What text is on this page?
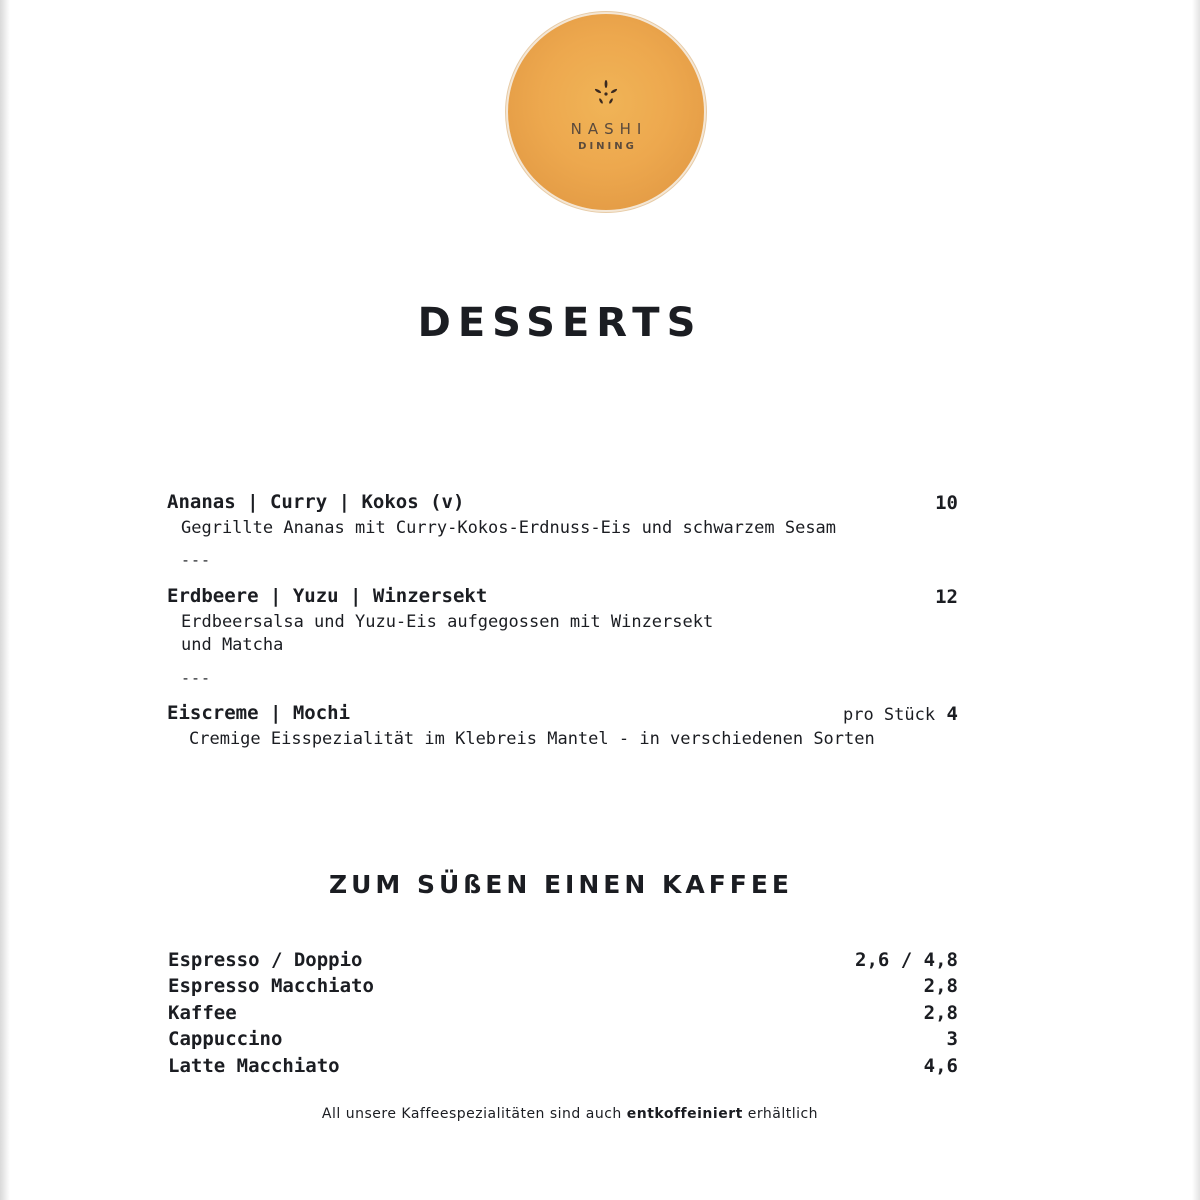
NASHI
DINING
DESSERTS
Ananas | Curry | Kokos (v)	10
Gegrillte Ananas mit Curry-Kokos-Erdnuss-Eis und schwarzem Sesam
---
Erdbeere | Yuzu | Winzersekt	12
Erdbeersalsa und Yuzu-Eis aufgegossen mit Winzersekt
und Matcha
---
Eiscreme | Mochi	pro Stück 4
Cremige Eisspezialität im Klebreis Mantel - in verschiedenen Sorten
ZUM SÜßEN EINEN KAFFEE
Espresso / Doppio	2,6 / 4,8
Espresso Macchiato	2,8
Kaffee	2,8
Cappuccino	3
Latte Macchiato	4,6
All unsere Kaffeespezialitäten sind auch entkoffeiniert erhältlich
